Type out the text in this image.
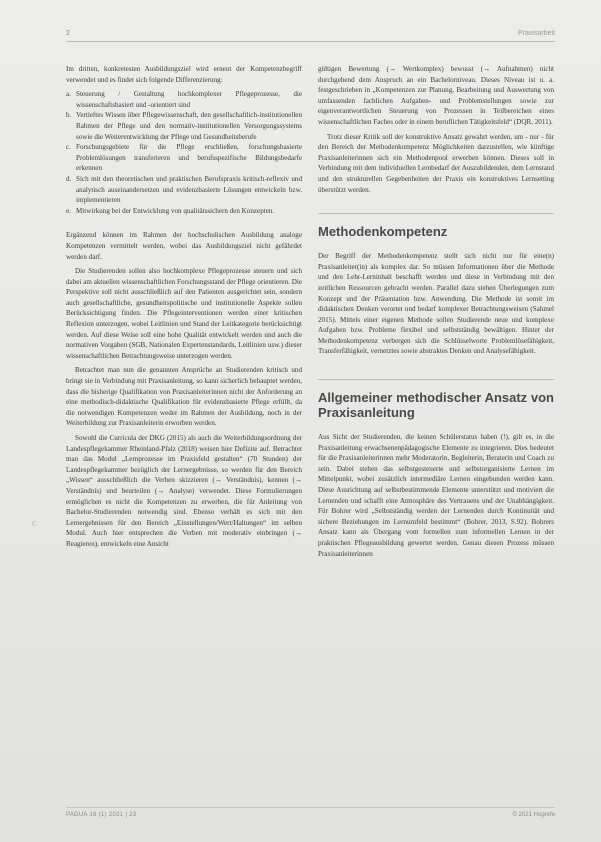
2	Praxisarbeit
C

Im dritten, konkretesten Ausbildungsziel wird erneut der Kompetenzbegriff verwendet und es findet sich folgende Differenzierung:

a. Steuerung / Gestaltung hochkomplexer Pflegeprozesse, die wissenschaftsbasiert und -orientiert sind
b. Vertieftes Wissen über Pflegewissenschaft, den gesellschaftlich-institutionellen Rahmen der Pflege und den normativ-institutionellen Versorgungssystems sowie die Weiterentwicklung der Pflege und Gesundheitsberufe
c. Forschungsgebiete für die Pflege erschließen, forschungsbasierte Problemlösungen transferieren und berufsspezifische Bildungsbedarfe erkennen
d. Sich mit den theoretischen und praktischen Berufspraxis kritisch-reflexiv und analytisch auseinandersetzen und evidenzbasierte Lösungen entwickeln bzw. implementieren
e. Mitwirkung bei der Entwicklung von qualitätssichern den Konzepten.

Ergänzend können im Rahmen der hochschulischen Ausbildung analoge Kompetenzen vermittelt werden, wobei das Ausbildungsziel nicht gefährdet werden darf.

Die Studierenden sollen also hochkomplexe Pflegeprozesse steuern und sich dabei am aktuellen wissenschaftlichen Forschungsstand der Pflege orientieren. Die Perspektive soll nicht ausschließlich auf den Patienten ausgerichtet sein, sondern auch gesellschaftliche, gesundheitspolitische und institutionelle Aspekte sollen Berücksichtigung finden. Die Pflegeinterventionen werden einer kritischen Reflexion unterzogen, wobei Leitlinien und Stand der Leitkategorie berücksichtigt werden. Auf diese Weise soll eine hohe Qualität entwickelt werden und auch die normativen Vorgaben (SGB, Nationalen Expertenstandards, Leitlinien usw.) dieser wissenschaftlichen Betrachtungsweise unterzogen werden.

Betrachtet man nun die genannten Ansprüche an Studierenden kritisch und bringt sie in Verbindung mit Praxisanleitung, so kann sicherlich behauptet werden, dass die bisherige Qualifikation von Praxisanleiterinnen nicht der Anforderung an eine methodisch-didaktische Qualifikation für evidenzbasierte Pflege erfüllt, da die notwendigen Kompetenzen weder im Rahmen der Ausbildung, noch in der Weiterbildung zur Praxisanleiterin erworben werden.

Sowohl die Curricula der DKG (2015) als auch die Weiterbildungsordnung der Landespflegekammer Rheinland-Pfalz (2018) weisen hier Defizite auf. Betrachtet man das Modul „Lernprozesse im Praxisfeld gestalten“ (70 Stunden) der Landespflegekammer bezüglich der Lernergebnisse, so werden für den Bereich „Wissen“ ausschließlich die Verben skizzieren (→ Verständnis), kennen (→ Verständnis) und beurteilen (→ Analyse) verwendet. Diese Formulierungen ermöglichen es nicht die Kompetenzen zu erwerben, die für Anleitung von Bachelor-Studierenden notwendig sind. Ebenso verhält es sich mit den Lernergebnissen für den Bereich „Einstellungen/Wert/Haltungen“ im selben Modul. Auch hier entsprechen die Verben mit moderativ einbringen (→ Reagieren), entwickeln eine Ansicht

gültigen Bewertung (→ Wertkomplex) bewusst (→ Aufnahmen) nicht durchgehend dem Anspruch an ein Bachelorniveau. Dieses Niveau ist u. a. festgeschrieben in „Kompetenzen zur Planung, Bearbeitung und Auswertung von umfassenden fachlichen Aufgaben- und Problemstellungen sowie zur eigenverantwortlichen Steuerung von Prozessen in Teilbereichen eines wissenschaftlichen Faches oder in einem beruflichen Tätigkeitsfeld“ (DQR, 2011).

Trotz dieser Kritik soll der konstruktive Ansatz gewahrt werden, um - nur - für den Bereich der Methodenkompetenz Möglichkeiten darzustellen, wie künftige Praxisanleiterinnen sich ein Methodenpool erwerben können. Dieses soll in Verbindung mit dem individuellen Lernbedarf der Auszubildenden, dem Lernstand und den strukturellen Gegebenheiten der Praxis ein konstruktives Lernsetting überstützt werden.

Methodenkompetenz

Der Begriff der Methodenkompetenz stellt sich nicht nur für eine(n) Praxisanleiter(in) als komplex dar. So müssen Informationen über die Methode und den Lehr-Lerninhalt beschafft werden und diese in Verbindung mit den zeitlichen Ressourcen gebracht werden. Parallel dazu stehen Überlegungen zum Konzept und der Präsentation bzw. Anwendung. Die Methode ist somit im didaktischen Denken verortet und bedarf komplexer Betrachtungsweisen (Sahmel 2015). Mittels einer eigenen Methode sollen Studierende neue und komplexe Aufgaben bzw. Probleme flexibel und selbstständig bewältigen. Hinter der Methodenkompetenz verbergen sich die Schlüsselworte Problemlösefähigkeit, Transferfähigkeit, vernetztes sowie abstraktes Denken und Analysefähigkeit.

Allgemeiner methodischer Ansatz von Praxisanleitung

Aus Sicht der Studierenden, die keinen Schülerstatus haben (!), gilt es, in die Praxisanleitung erwachsenenpädagogische Elemente zu integrieren. Dies bedeutet für die Praxisanleiterinnen mehr Moderatorin, Begleiterin, Beraterin und Coach zu sein. Dabei stehen das selbstgesteuerte und selbstorganisierte Lernen im Mittelpunkt, wobei zusätzlich intermediäre Lernen eingebunden werden kann. Diese Ausrichtung auf selbstbestimmende Elemente unterstützt und motiviert die Lernenden und schafft eine Atmosphäre des Vertrauens und der Unabhängigkeit. Für Bohrer wird „Selbstständig werden der Lernenden durch Kontinuität und sichere Beziehungen im Lernumfeld bestimmt“ (Bohrer, 2013, S.92). Bohrers Ansatz kann als Übergang vom formellen zum informellen Lernen in der praktischen Pflegeausbildung gewertet werden. Genau diesen Prozess müssen Praxisanleiterinnen

PADUA 16 (1) 2021 | 23	© 2021 Hogrefe
